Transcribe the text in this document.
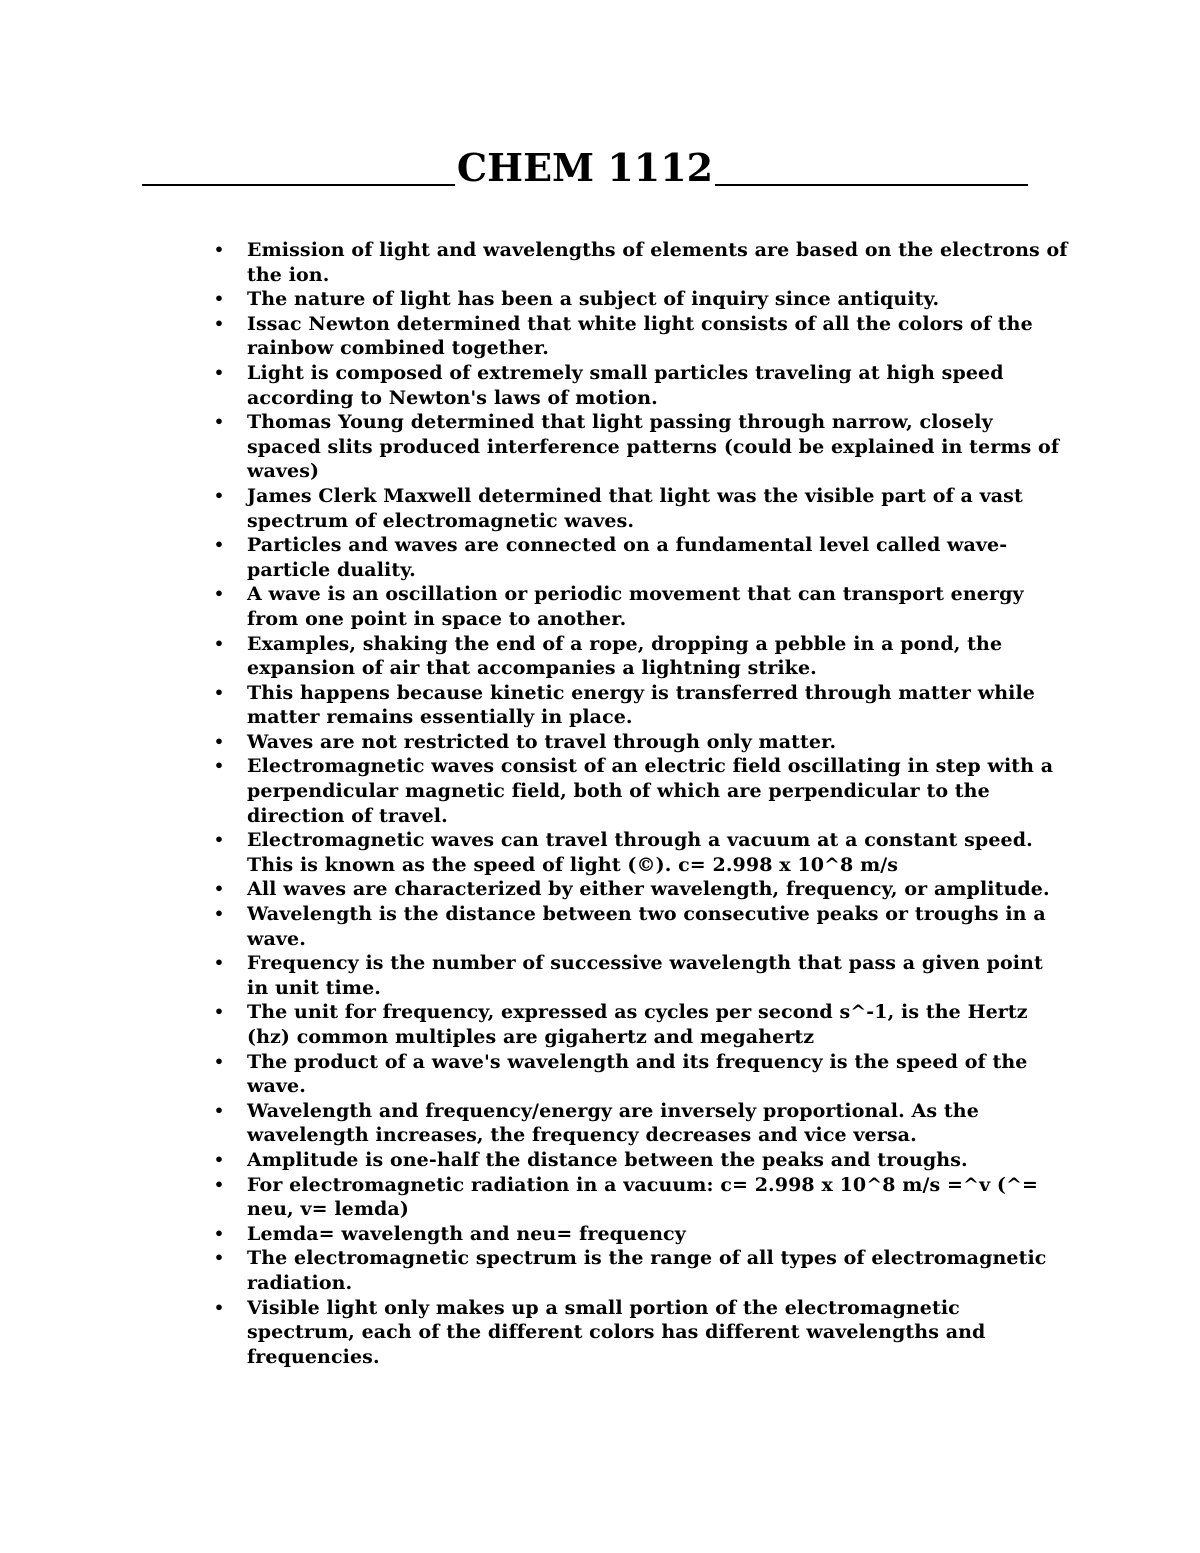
CHEM 1112
• Emission of light and wavelengths of elements are based on the electrons of the ion.
• The nature of light has been a subject of inquiry since antiquity.
• Issac Newton determined that white light consists of all the colors of the rainbow combined together.
• Light is composed of extremely small particles traveling at high speed according to Newton's laws of motion.
• Thomas Young determined that light passing through narrow, closely spaced slits produced interference patterns (could be explained in terms of waves)
• James Clerk Maxwell determined that light was the visible part of a vast spectrum of electromagnetic waves.
• Particles and waves are connected on a fundamental level called wave-particle duality.
• A wave is an oscillation or periodic movement that can transport energy from one point in space to another.
• Examples, shaking the end of a rope, dropping a pebble in a pond, the expansion of air that accompanies a lightning strike.
• This happens because kinetic energy is transferred through matter while matter remains essentially in place.
• Waves are not restricted to travel through only matter.
• Electromagnetic waves consist of an electric field oscillating in step with a perpendicular magnetic field, both of which are perpendicular to the direction of travel.
• Electromagnetic waves can travel through a vacuum at a constant speed. This is known as the speed of light (©). c= 2.998 x 10^8 m/s
• All waves are characterized by either wavelength, frequency, or amplitude.
• Wavelength is the distance between two consecutive peaks or troughs in a wave.
• Frequency is the number of successive wavelength that pass a given point in unit time.
• The unit for frequency, expressed as cycles per second s^-1, is the Hertz (hz) common multiples are gigahertz and megahertz
• The product of a wave's wavelength and its frequency is the speed of the wave.
• Wavelength and frequency/energy are inversely proportional. As the wavelength increases, the frequency decreases and vice versa.
• Amplitude is one-half the distance between the peaks and troughs.
• For electromagnetic radiation in a vacuum: c= 2.998 x 10^8 m/s =^v (^= neu, v= lemda)
• Lemda= wavelength and neu= frequency
• The electromagnetic spectrum is the range of all types of electromagnetic radiation.
• Visible light only makes up a small portion of the electromagnetic spectrum, each of the different colors has different wavelengths and frequencies.
